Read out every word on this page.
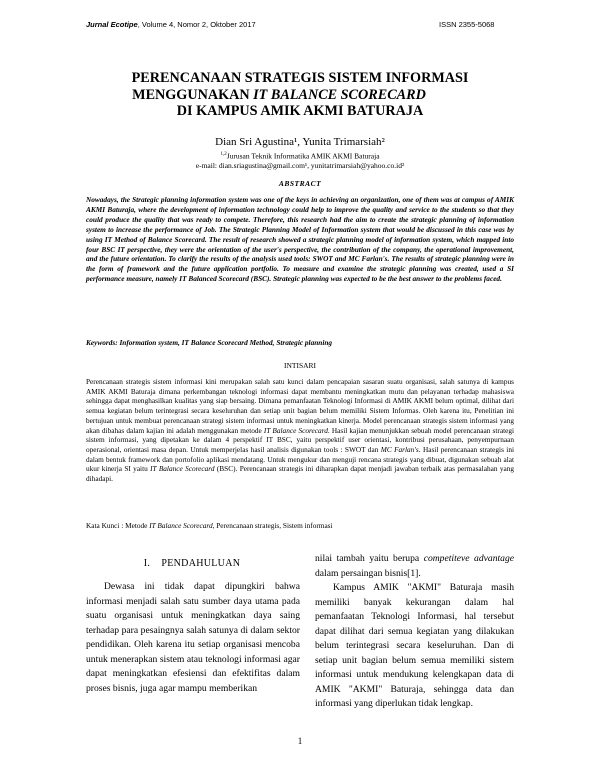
Jurnal Ecotipe, Volume 4, Nomor 2, Oktober 2017	ISSN 2355-5068
PERENCANAAN STRATEGIS SISTEM INFORMASI
MENGGUNAKAN IT BALANCE SCORECARD
DI KAMPUS AMIK AKMI BATURAJA
Dian Sri Agustina¹, Yunita Trimarsiah²
$^{1,2}$Jurusan Teknik Informatika AMIK AKMI Baturaja
e-mail: dian.sriagustina@gmail.com¹, yunitatrimarsiah@yahoo.co.id²
ABSTRACT
Nowadays, the Strategic planning information system was one of the keys in achieving an organization, one of them was at campus of AMIK AKMI Baturaja, where the development of information technology could help to improve the quality and service to the students so that they could produce the quality that was ready to compete. Therefore, this research had the aim to create the strategic planning of information system to increase the performance of Job. The Strategic Planning Model of Information system that would be discussed in this case was by using IT Method of Balance Scorecard. The result of research showed a strategic planning model of information system, which mapped into four BSC IT perspective, they were the orientation of the user's perspective, the contribution of the company, the operational improvement, and the future orientation. To clarify the results of the analysis used tools: SWOT and MC Farlan's. The results of strategic planning were in the form of framework and the future application portfolio. To measure and examine the strategic planning was created, used a SI performance measure, namely IT Balanced Scorecard (BSC). Strategic planning was expected to be the best answer to the problems faced.
Keywords: Information system, IT Balance Scorecard Method, Strategic planning
INTISARI
Perencanaan strategis sistem informasi kini merupakan salah satu kunci dalam pencapaian sasaran suatu organisasi, salah satunya di kampus AMIK AKMI Baturaja dimana perkembangan teknologi informasi dapat membantu meningkatkan mutu dan pelayanan terhadap mahasiswa sehingga dapat menghasilkan kualitas yang siap bersaing. Dimana pemanfaatan Teknologi Informasi di AMIK AKMI belum optimal, dilihat dari semua kegiatan belum terintegrasi secara keseluruhan dan setiap unit bagian belum memiliki Sistem Informas. Oleh karena itu, Penelitian ini bertujuan untuk membuat perencanaan strategi sistem informasi untuk meningkatkan kinerja. Model perencanaan strategis sistem informasi yang akan dibahas dalam kajian ini adalah menggunakan metode IT Balance Scorecard. Hasil kajian menunjukkan sebuah model perencanaan strategi sistem informasi, yang dipetakan ke dalam 4 perspektif IT BSC, yaitu perspektif user orientasi, kontribusi perusahaan, penyempurnaan operasional, orientasi masa depan. Untuk memperjelas hasil analisis digunakan tools : SWOT dan MC Farlan's. Hasil perencanaan strategis ini dalam bentuk framework dan portofolio aplikasi mendatang. Untuk mengukur dan menguji rencana strategis yang dibuat, digunakan sebuah alat ukur kinerja SI yaitu IT Balance Scorecard (BSC). Perencanaan strategis ini diharapkan dapat menjadi jawaban terbaik atas permasalahan yang dihadapi.
Kata Kunci : Metode IT Balance Scorecard, Perencanaan strategis, Sistem informasi
I.    PENDAHULUAN

Dewasa ini tidak dapat dipungkiri bahwa informasi menjadi salah satu sumber daya utama pada suatu organisasi untuk meningkatkan daya saing terhadap para pesaingnya salah satunya di dalam sektor pendidikan. Oleh karena itu setiap organisasi mencoba untuk menerapkan sistem atau teknologi informasi agar dapat meningkatkan efesiensi dan efektifitas dalam proses bisnis, juga agar mampu memberikan

nilai tambah yaitu berupa competiteve advantage dalam persaingan bisnis[1].

Kampus AMIK "AKMI" Baturaja masih memiliki banyak kekurangan dalam hal pemanfaatan Teknologi Informasi, hal tersebut dapat dilihat dari semua kegiatan yang dilakukan belum terintegrasi secara keseluruhan. Dan di setiap unit bagian belum semua memiliki sistem informasi untuk mendukung kelengkapan data di AMIK "AKMI" Baturaja, sehingga data dan informasi yang diperlukan tidak lengkap.

1
